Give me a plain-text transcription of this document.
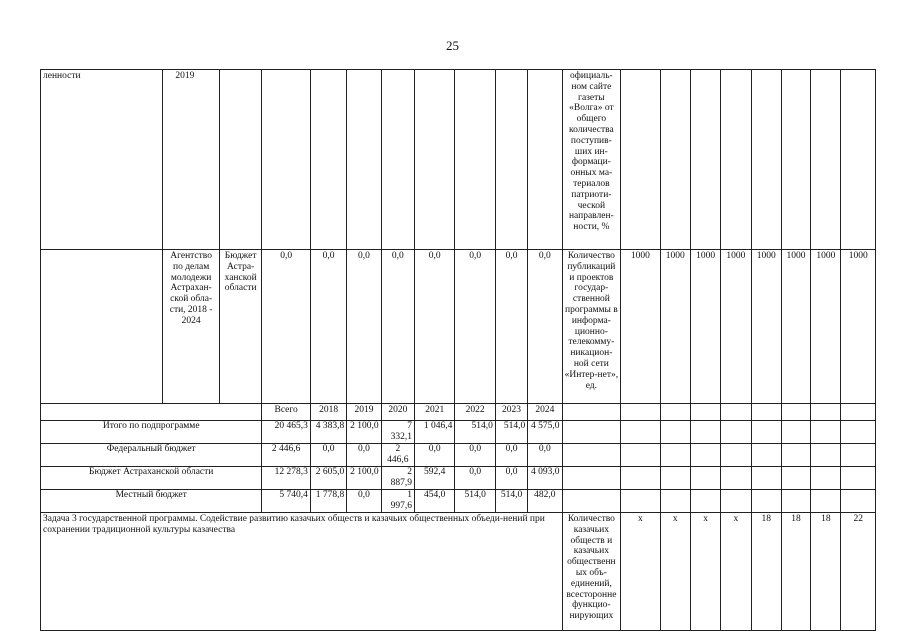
25
ленности	2019										официаль-ном сайте газеты «Волга» от общего количества поступив-ших ин-формаци-онных ма-териалов патриоти-ческой направлен-ности, %								
	Агентство по делам молодежи Астрахан-ской обла-сти, 2018 - 2024	Бюджет Астра-ханской области	0,0	0,0	0,0	0,0	0,0	0,0	0,0	0,0	Количество публикаций и проектов государ-ственной программы в информа-ционно-телекомму-никацион-ной сети «Интер-нет», ед.	1000	1000	1000	1000	1000	1000	1000	1000
			Всего	2018	2019	2020	2021	2022	2023	2024									
Итого по подпрограмме			20 465,3	4 383,8	2 100,0	7 332,1	1 046,4	514,0	514,0	4 575,0									
Федеральный бюджет			2 446,6	0,0	0,0	2 446,6	0,0	0,0	0,0	0,0									
Бюджет Астраханской области			12 278,3	2 605,0	2 100,0	2 887,9	592,4	0,0	0,0	4 093,0									
Местный бюджет			5 740,4	1 778,8	0,0	1 997,6	454,0	514,0	514,0	482,0									
Задача 3 государственной программы. Содействие развитию казачьих обществ и казачьих общественных объеди-нений при сохранении традиционной культуры казачества											Количество казачьих обществ и казачьих общественных объ-единений, всесторонне функцио-нирующих	х	х	х	х	18	18	18	22
